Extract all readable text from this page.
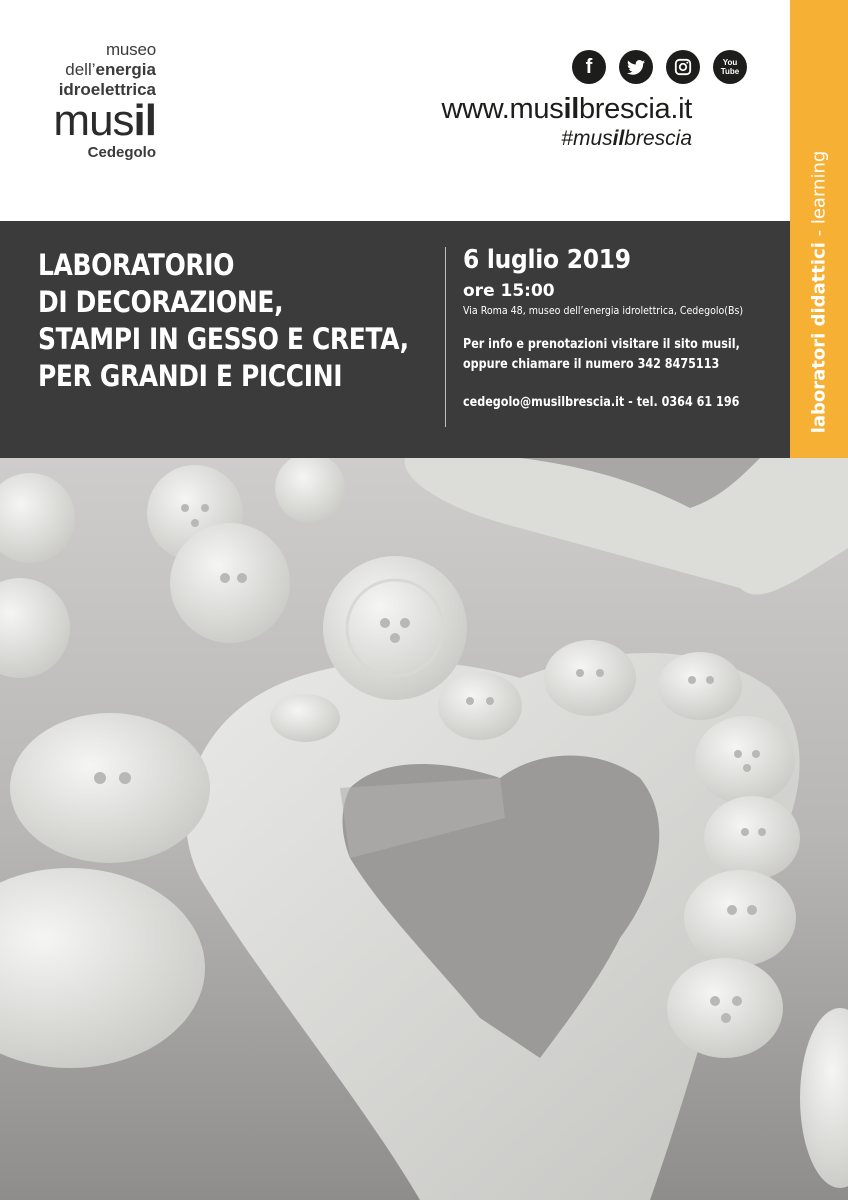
museo
dell’energia
idroelettrica
musil
Cedegolo
f	You Tube
www.musilbrescia.it
#musilbrescia
laboratori didattici - learning
LABORATORIO
DI DECORAZIONE,
STAMPI IN GESSO E CRETA,
PER GRANDI E PICCINI
6 luglio 2019
ore 15:00
Via Roma 48, museo dell’energia idrolettrica, Cedegolo(Bs)
Per info e prenotazioni visitare il sito musil,
oppure chiamare il numero 342 8475113
cedegolo@musilbrescia.it - tel. 0364 61 196
